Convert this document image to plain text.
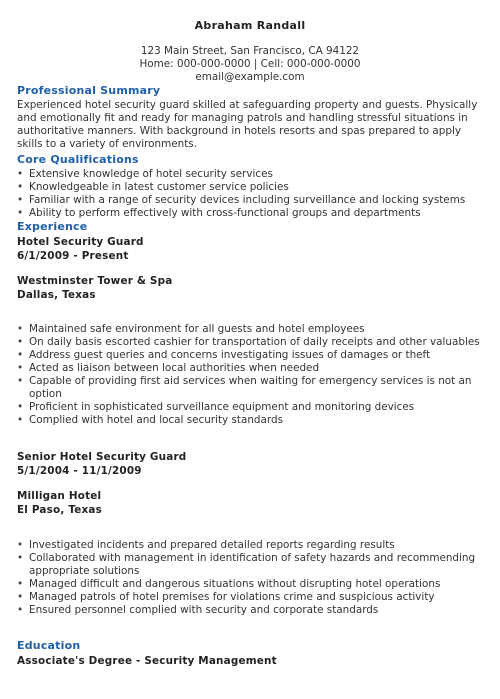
Abraham Randall
123 Main Street, San Francisco, CA 94122
Home: 000-000-0000 | Cell: 000-000-0000
email@example.com
Professional Summary
Experienced hotel security guard skilled at safeguarding property and guests. Physically and emotionally fit and ready for managing patrols and handling stressful situations in authoritative manners. With background in hotels resorts and spas prepared to apply skills to a variety of environments.
Core Qualifications
• Extensive knowledge of hotel security services
• Knowledgeable in latest customer service policies
• Familiar with a range of security devices including surveillance and locking systems
• Ability to perform effectively with cross-functional groups and departments
Experience
Hotel Security Guard
6/1/2009 - Present
Westminster Tower & Spa
Dallas, Texas
• Maintained safe environment for all guests and hotel employees
• On daily basis escorted cashier for transportation of daily receipts and other valuables
• Address guest queries and concerns investigating issues of damages or theft
• Acted as liaison between local authorities when needed
• Capable of providing first aid services when waiting for emergency services is not an option
• Proficient in sophisticated surveillance equipment and monitoring devices
• Complied with hotel and local security standards
Senior Hotel Security Guard
5/1/2004 - 11/1/2009
Milligan Hotel
El Paso, Texas
• Investigated incidents and prepared detailed reports regarding results
• Collaborated with management in identification of safety hazards and recommending appropriate solutions
• Managed difficult and dangerous situations without disrupting hotel operations
• Managed patrols of hotel premises for violations crime and suspicious activity
• Ensured personnel complied with security and corporate standards
Education
Associate's Degree - Security Management
